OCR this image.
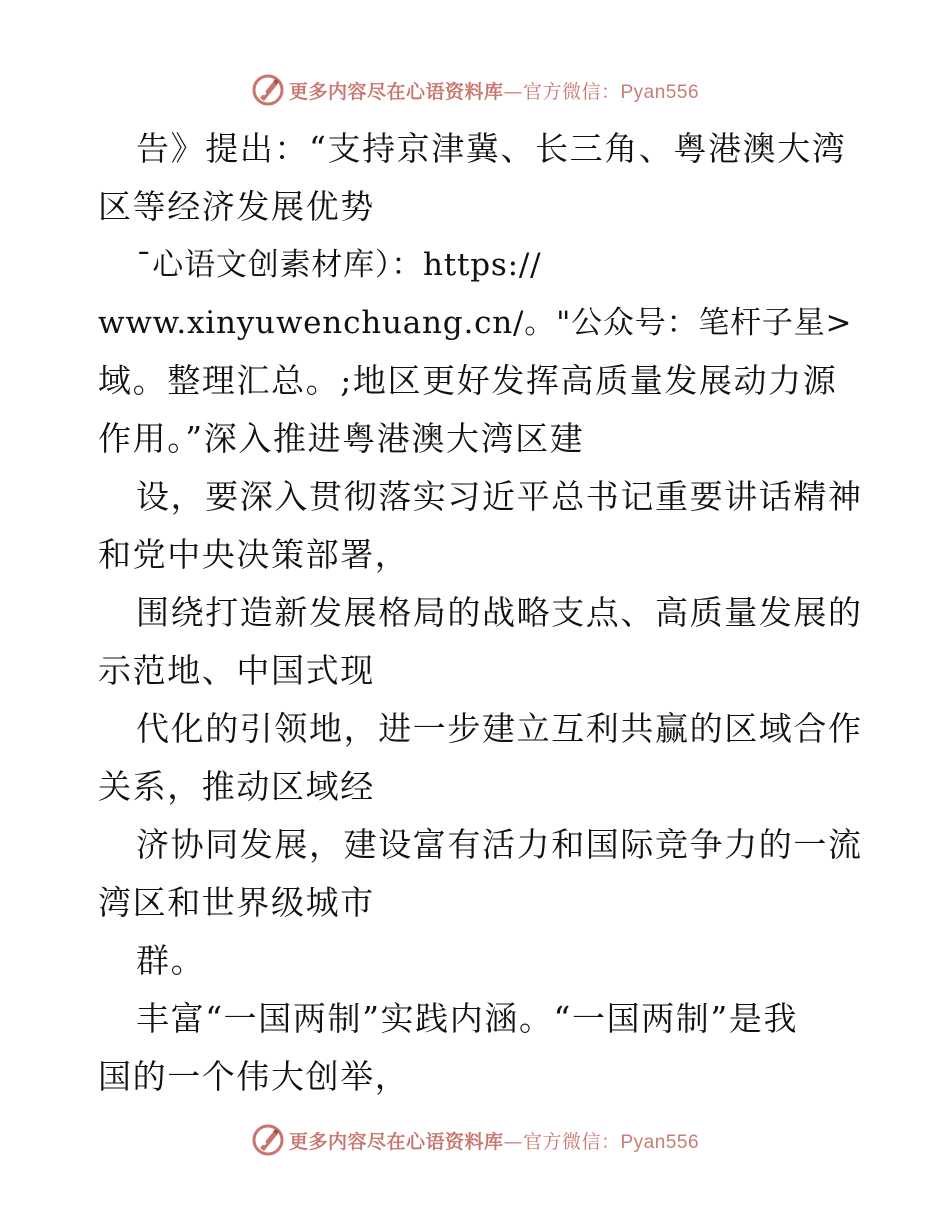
更多内容尽在心语资料库—官方微信：Pyan556
告》提出：“支持京津冀、长三角、粤港澳大湾
区等经济发展优势
¯心语文创素材库）：https://
www.xinyuwenchuang.cn/。"公众号：笔杆子星>
域。整理汇总。;地区更好发挥高质量发展动力源
作用。”深入推进粤港澳大湾区建
设，要深入贯彻落实习近平总书记重要讲话精神
和党中央决策部署，
围绕打造新发展格局的战略支点、高质量发展的
示范地、中国式现
代化的引领地，进一步建立互利共赢的区域合作
关系，推动区域经
济协同发展，建设富有活力和国际竞争力的一流
湾区和世界级城市
群。
丰富“一国两制”实践内涵。“一国两制”是我
国的一个伟大创举，
更多内容尽在心语资料库—官方微信：Pyan556
